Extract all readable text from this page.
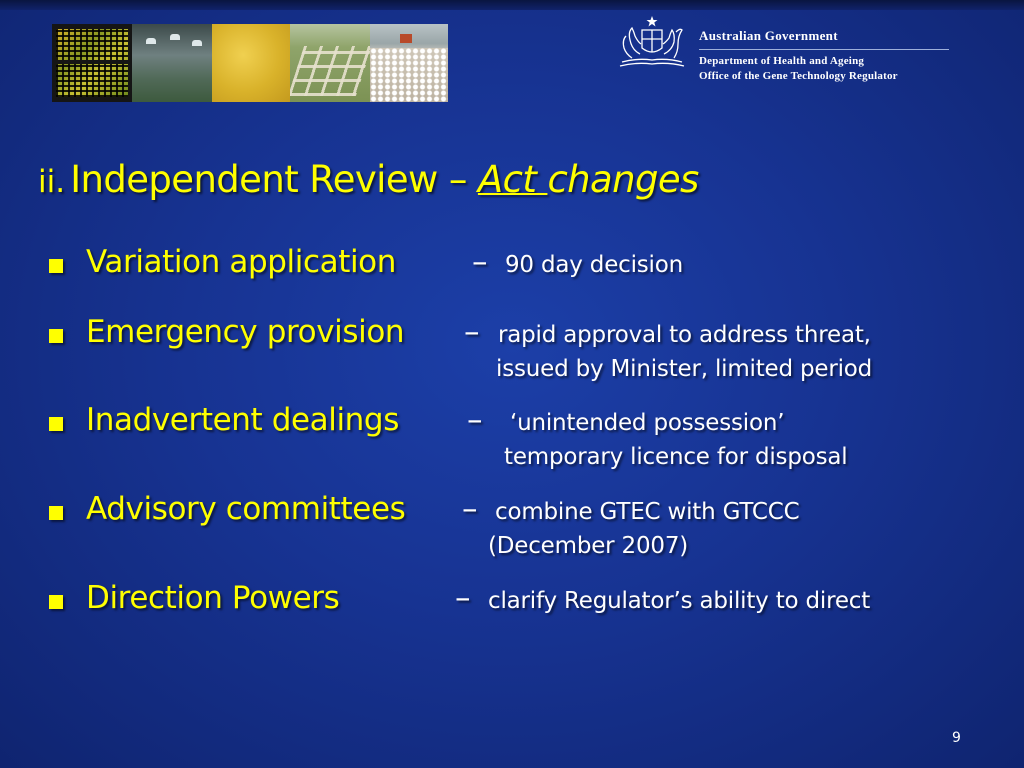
Australian Government
Department of Health and Ageing
Office of the Gene Technology Regulator
ii. Independent Review – Act changes
Variation application – 90 day decision
Emergency provision – rapid approval to address threat,
issued by Minister, limited period
Inadvertent dealings – ‘unintended possession’
temporary licence for disposal
Advisory committees – combine GTEC with GTCCC
(December 2007)
Direction Powers	– clarify Regulator’s ability to direct
9
